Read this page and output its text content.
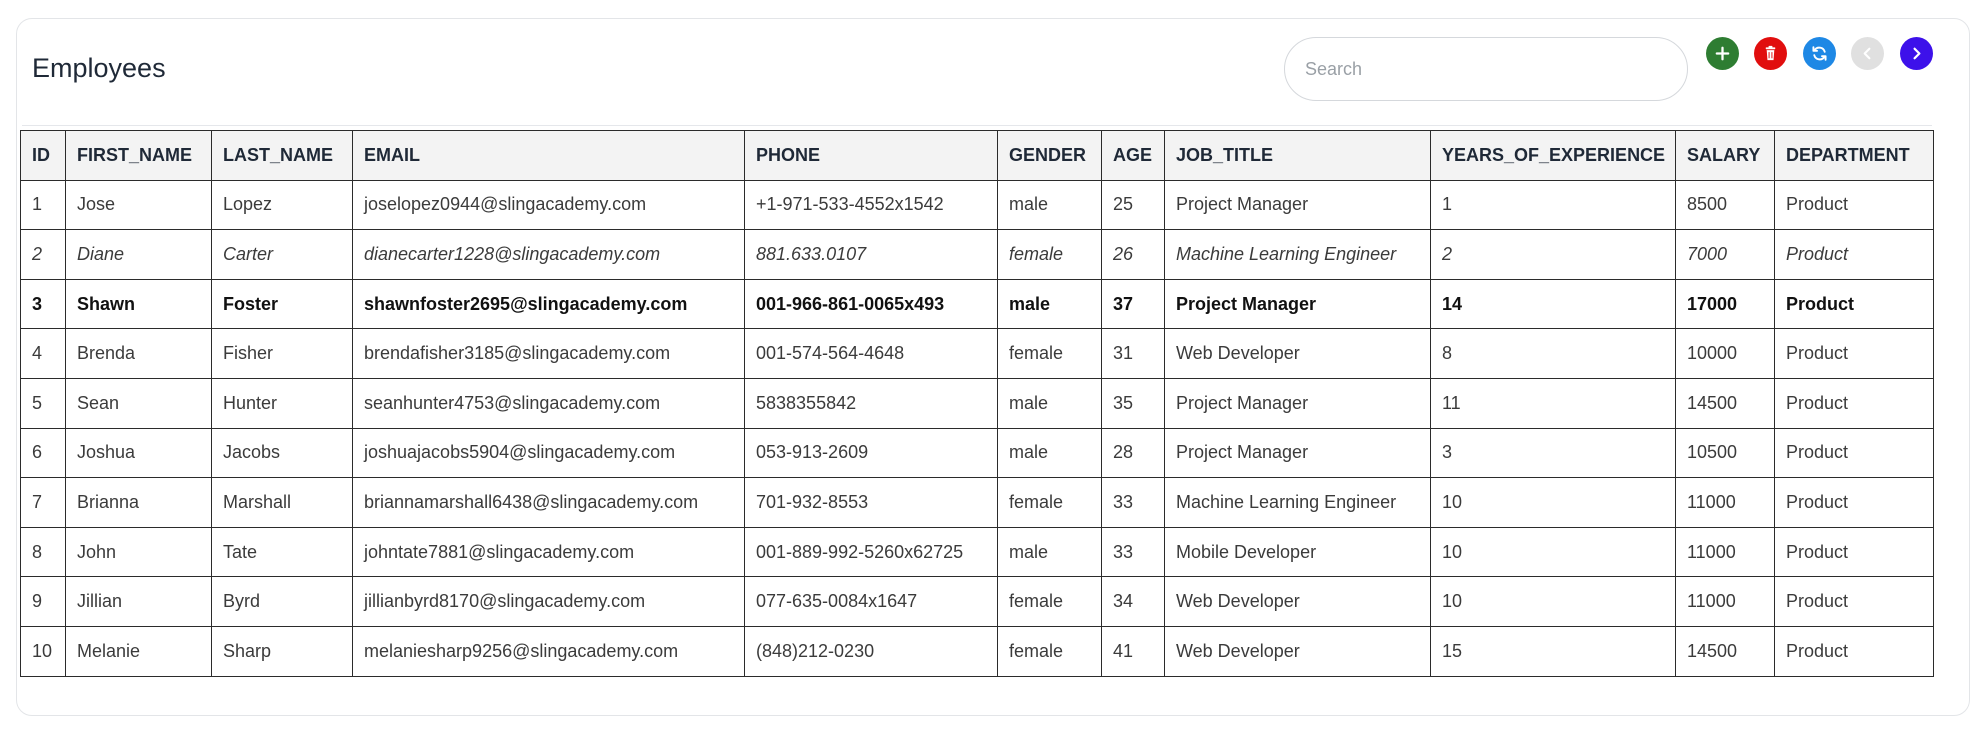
Employees
Search
ID	FIRST_NAME	LAST_NAME	EMAIL	PHONE	GENDER	AGE	JOB_TITLE	YEARS_OF_EXPERIENCE	SALARY	DEPARTMENT
1	Jose	Lopez	joselopez0944@slingacademy.com	+1-971-533-4552x1542	male	25	Project Manager	1	8500	Product
2	Diane	Carter	dianecarter1228@slingacademy.com	881.633.0107	female	26	Machine Learning Engineer	2	7000	Product
3	Shawn	Foster	shawnfoster2695@slingacademy.com	001-966-861-0065x493	male	37	Project Manager	14	17000	Product
4	Brenda	Fisher	brendafisher3185@slingacademy.com	001-574-564-4648	female	31	Web Developer	8	10000	Product
5	Sean	Hunter	seanhunter4753@slingacademy.com	5838355842	male	35	Project Manager	11	14500	Product
6	Joshua	Jacobs	joshuajacobs5904@slingacademy.com	053-913-2609	male	28	Project Manager	3	10500	Product
7	Brianna	Marshall	briannamarshall6438@slingacademy.com	701-932-8553	female	33	Machine Learning Engineer	10	11000	Product
8	John	Tate	johntate7881@slingacademy.com	001-889-992-5260x62725	male	33	Mobile Developer	10	11000	Product
9	Jillian	Byrd	jillianbyrd8170@slingacademy.com	077-635-0084x1647	female	34	Web Developer	10	11000	Product
10	Melanie	Sharp	melaniesharp9256@slingacademy.com	(848)212-0230	female	41	Web Developer	15	14500	Product
